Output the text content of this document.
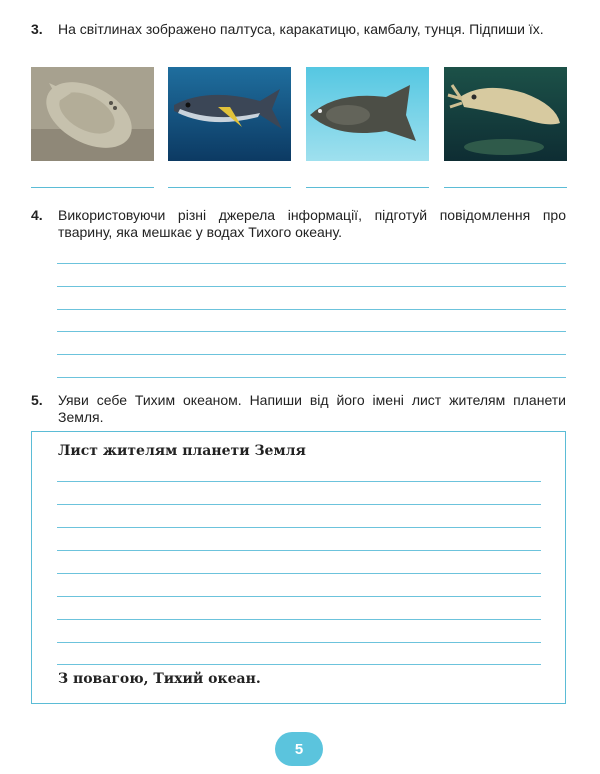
3. На світлинах зображено палтуса, каракатицю, камбалу, тунця. Підпиши їх.
4. Використовуючи різні джерела інформації, підготуй повідомлення про тварину, яка мешкає у водах Тихого океану.
5. Уяви себе Тихим океаном. Напиши від його імені лист жителям планети Земля.
Лист жителям планети Земля
З повагою, Тихий океан.
5
